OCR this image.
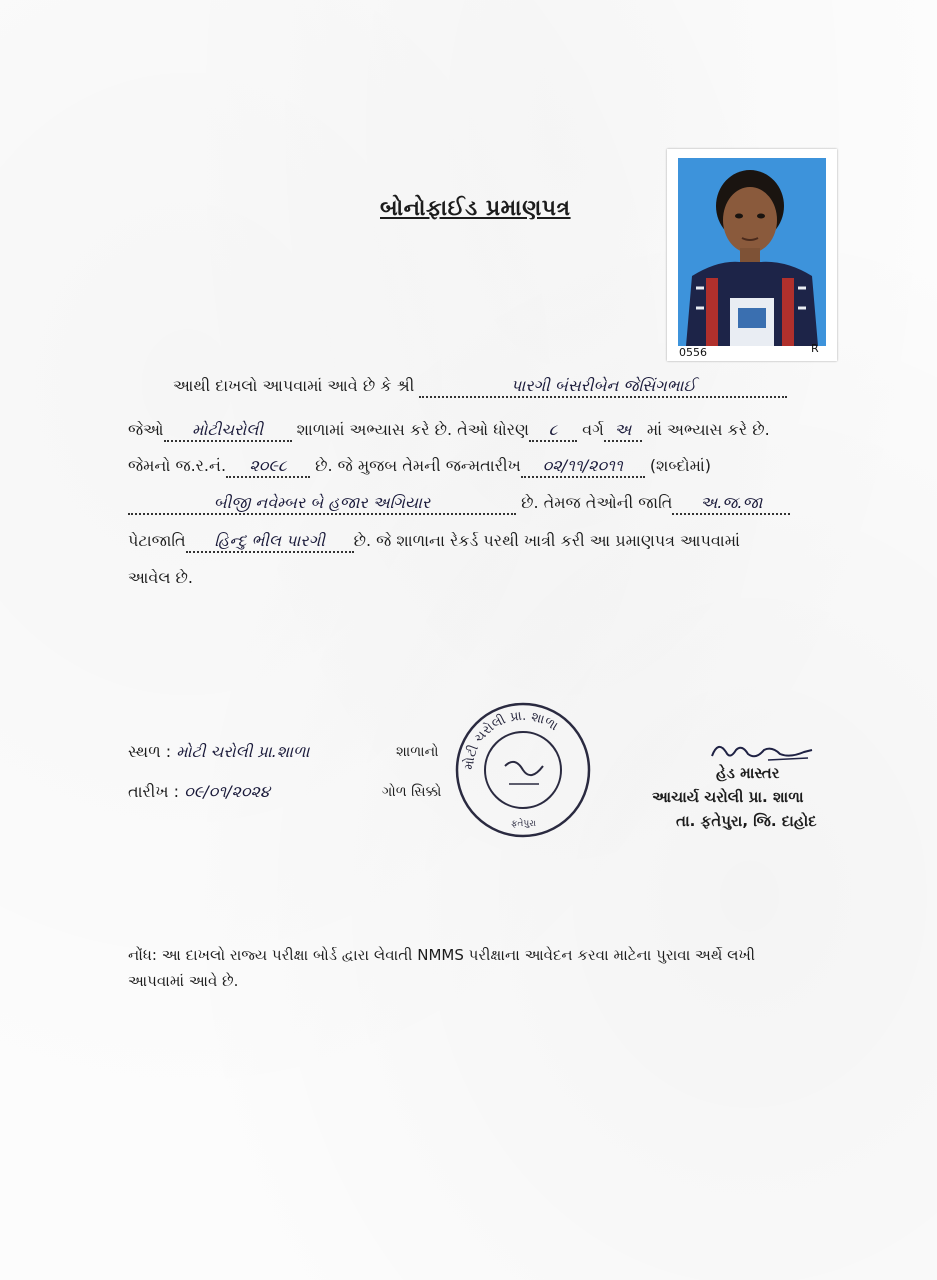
બોનોફાઈડ પ્રમાણપત્ર
0556	R
આથી દાખલો આપવામાં આવે છે કે શ્રી	પારગી બંસરીબેન જેસિંગભાઈ
જેઓ મોટીચરોલી શાળામાં અભ્યાસ કરે છે. તેઓ ધોરણ ૮ વર્ગ અ માં અભ્યાસ કરે છે.
જેમનો જ.ર.નં. ૨૦૯૮ છે. જે મુજબ તેમની જન્મતારીખ ૦૨/૧૧/૨૦૧૧ (શબ્દોમાં)
બીજી નવેમ્બર બે હજાર અગિયાર	છે. તેમજ તેઓની જાતિ અ.જ.જા
પેટાજાતિ હિન્દુ ભીલ પારગી છે. જે શાળાના રેકર્ડ પરથી ખાત્રી કરી આ પ્રમાણપત્ર આપવામાં
આવેલ છે.
સ્થળ : મોટી ચરોલી પ્રા.શાળા
તારીખ : ૦૯/૦૧/૨૦૨૪
શાળાનો
ગોળ સિક્કો
મોટી ચરોલી પ્રા. શાળા
ફતેપુરા
હેડ માસ્તર
આચાર્ય ચરોલી પ્રા. શાળા
તા. ફતેપુરા, જિ. દાહોદ
નોંધ: આ દાખલો રાજ્ય પરીક્ષા બોર્ડ દ્વારા લેવાતી NMMS પરીક્ષાના આવેદન કરવા માટેના પુરાવા અર્થે લખી
આપવામાં આવે છે.
